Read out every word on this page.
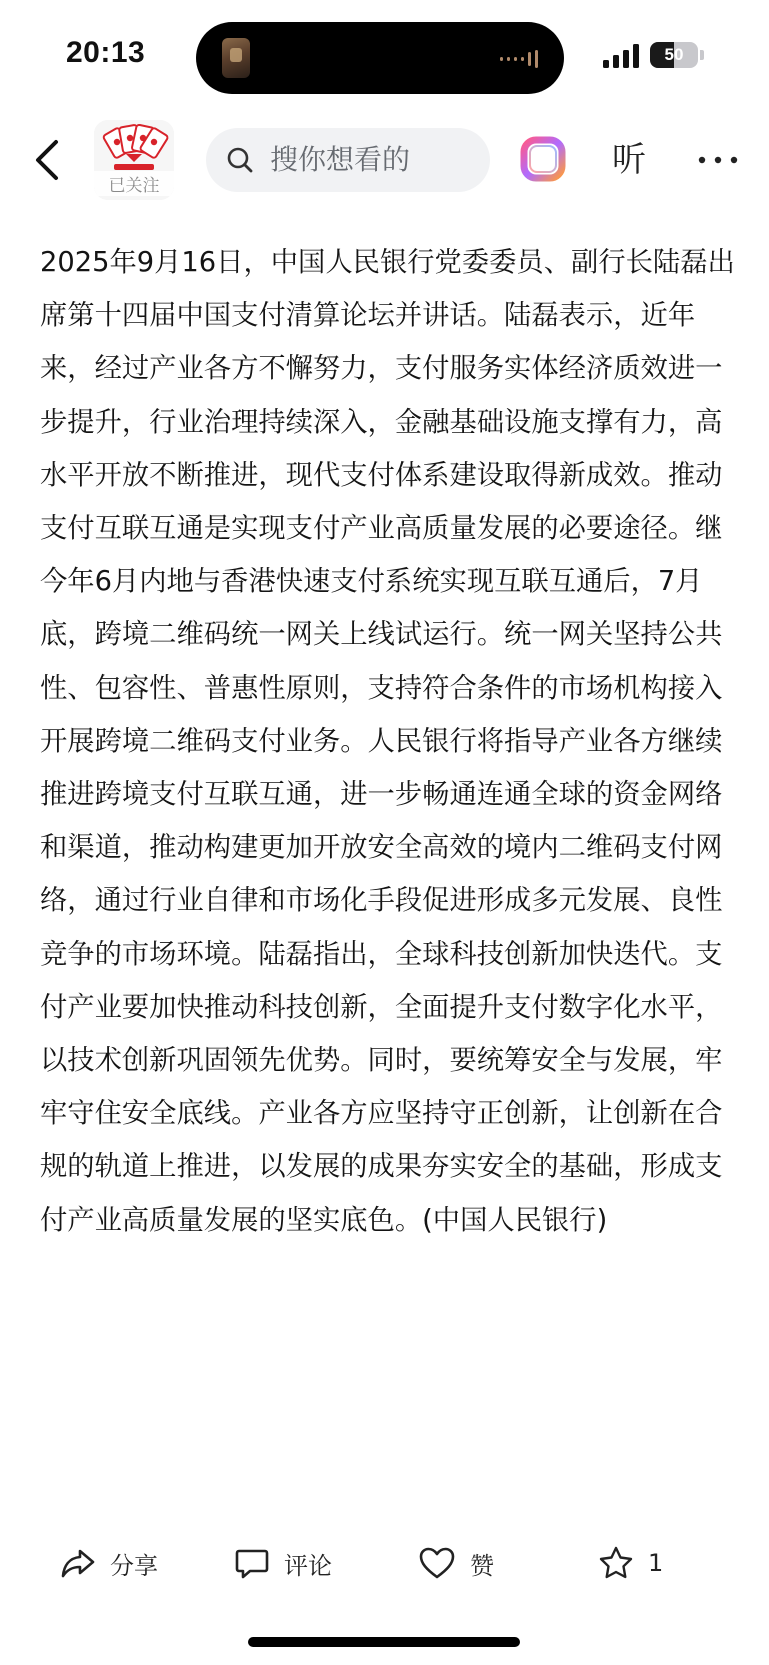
20:13	50
已关注
搜你想看的	听
2025年9月16日，中国人民银行党委委员、副行长陆磊出席第十四届中国支付清算论坛并讲话。陆磊表示，近年来，经过产业各方不懈努力，支付服务实体经济质效进一步提升，行业治理持续深入，金融基础设施支撑有力，高水平开放不断推进，现代支付体系建设取得新成效。推动支付互联互通是实现支付产业高质量发展的必要途径。继今年6月内地与香港快速支付系统实现互联互通后，7月底，跨境二维码统一网关上线试运行。统一网关坚持公共性、包容性、普惠性原则，支持符合条件的市场机构接入开展跨境二维码支付业务。人民银行将指导产业各方继续推进跨境支付互联互通，进一步畅通连通全球的资金网络和渠道，推动构建更加开放安全高效的境内二维码支付网络，通过行业自律和市场化手段促进形成多元发展、良性竞争的市场环境。陆磊指出，全球科技创新加快迭代。支付产业要加快推动科技创新，全面提升支付数字化水平，以技术创新巩固领先优势。同时，要统筹安全与发展，牢牢守住安全底线。产业各方应坚持守正创新，让创新在合规的轨道上推进，以发展的成果夯实安全的基础，形成支付产业高质量发展的坚实底色。(中国人民银行)
分享	评论	赞	1
